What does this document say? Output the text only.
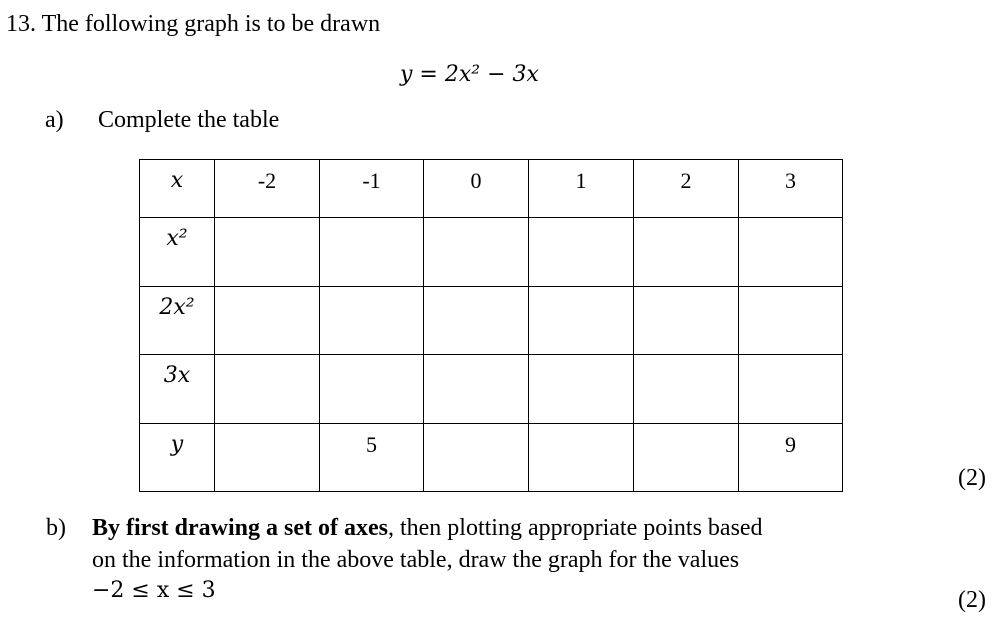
13. The following graph is to be drawn
y = 2x² − 3x
a) Complete the table
x	-2	-1	0	1	2	3

x²						

2x²						

3x						

y		5				9
(2)
b) By first drawing a set of axes, then plotting appropriate points based
on the information in the above table, draw the graph for the values
−2 ≤ x ≤ 3	(2)
